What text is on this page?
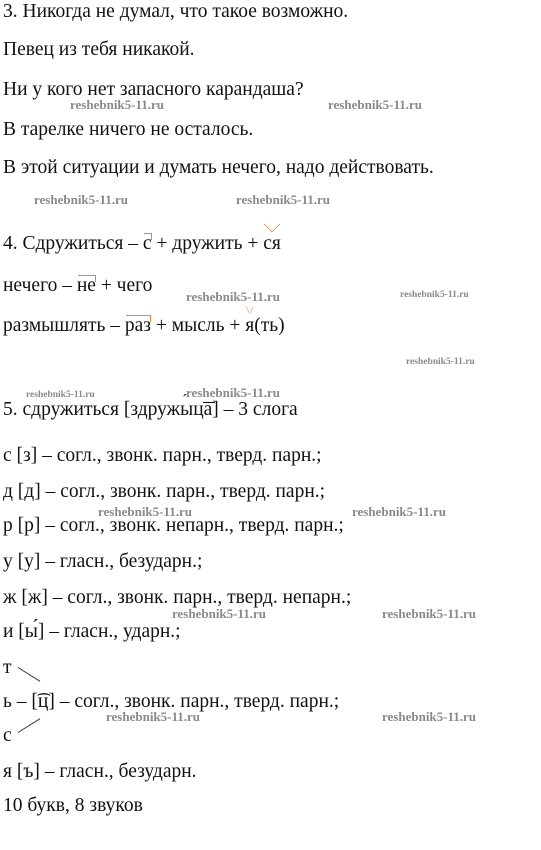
3. Никогда не думал, что такое возможно.
Певец из тебя никакой.
Ни у кого нет запасного карандаша?
В тарелке ничего не осталось.
В этой ситуации и думать нечего, надо действовать.
4. Сдружиться – с + дружить + ся
нечего – не + чего
размышлять – раз + мысль + я(ть)
5. сдружиться [здруж´ ыц͞а] – 3 слога
с [з] – согл., звонк. парн., тверд. парн.;
д [д] – согл., звонк. парн., тверд. парн.;
р [р] – согл., звонк. непарн., тверд. парн.;
у [у] – гласн., безударн.;
ж [ж] – согл., звонк. парн., тверд. непарн.;
и [ы́] – гласн., ударн.;
т
ь – [͡ц] – согл., звонк. парн., тверд. парн.;
с
я [ъ] – гласн., безударн.
10 букв, 8 звуков
reshebnik5-11.ru	reshebnik5-11.ru
reshebnik5-11.ru	reshebnik5-11.ru
reshebnik5-11.ru	reshebnik5-11.ru
reshebnik5-11.ru
reshebnik5-11.ru	reshebnik5-11.ru
reshebnik5-11.ru	reshebnik5-11.ru
reshebnik5-11.ru	reshebnik5-11.ru
reshebnik5-11.ru	reshebnik5-11.ru
